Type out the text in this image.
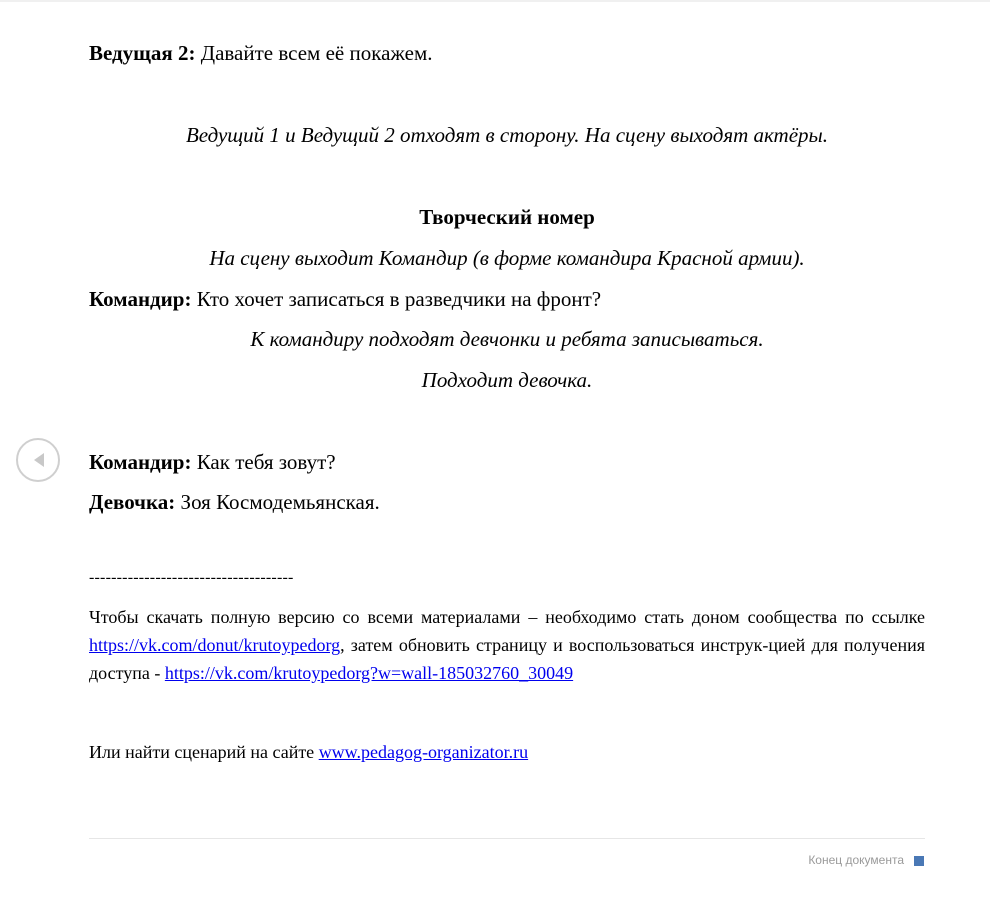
Ведущая 2: Давайте всем её покажем.
Ведущий 1 и Ведущий 2 отходят в сторону. На сцену выходят актёры.
Творческий номер
На сцену выходит Командир (в форме командира Красной армии).
Командир: Кто хочет записаться в разведчики на фронт?
К командиру подходят девчонки и ребята записываться.
Подходит девочка.
Командир: Как тебя зовут?
Девочка: Зоя Космодемьянская.
-------------------------------------
Чтобы скачать полную версию со всеми материалами – необходимо стать доном сообщества по ссылке https://vk.com/donut/krutoypedorg, затем обновить страницу и воспользоваться инструк-цией для получения доступа - https://vk.com/krutoypedorg?w=wall-185032760_30049
Или найти сценарий на сайте www.pedagog-organizator.ru
Конец документа
